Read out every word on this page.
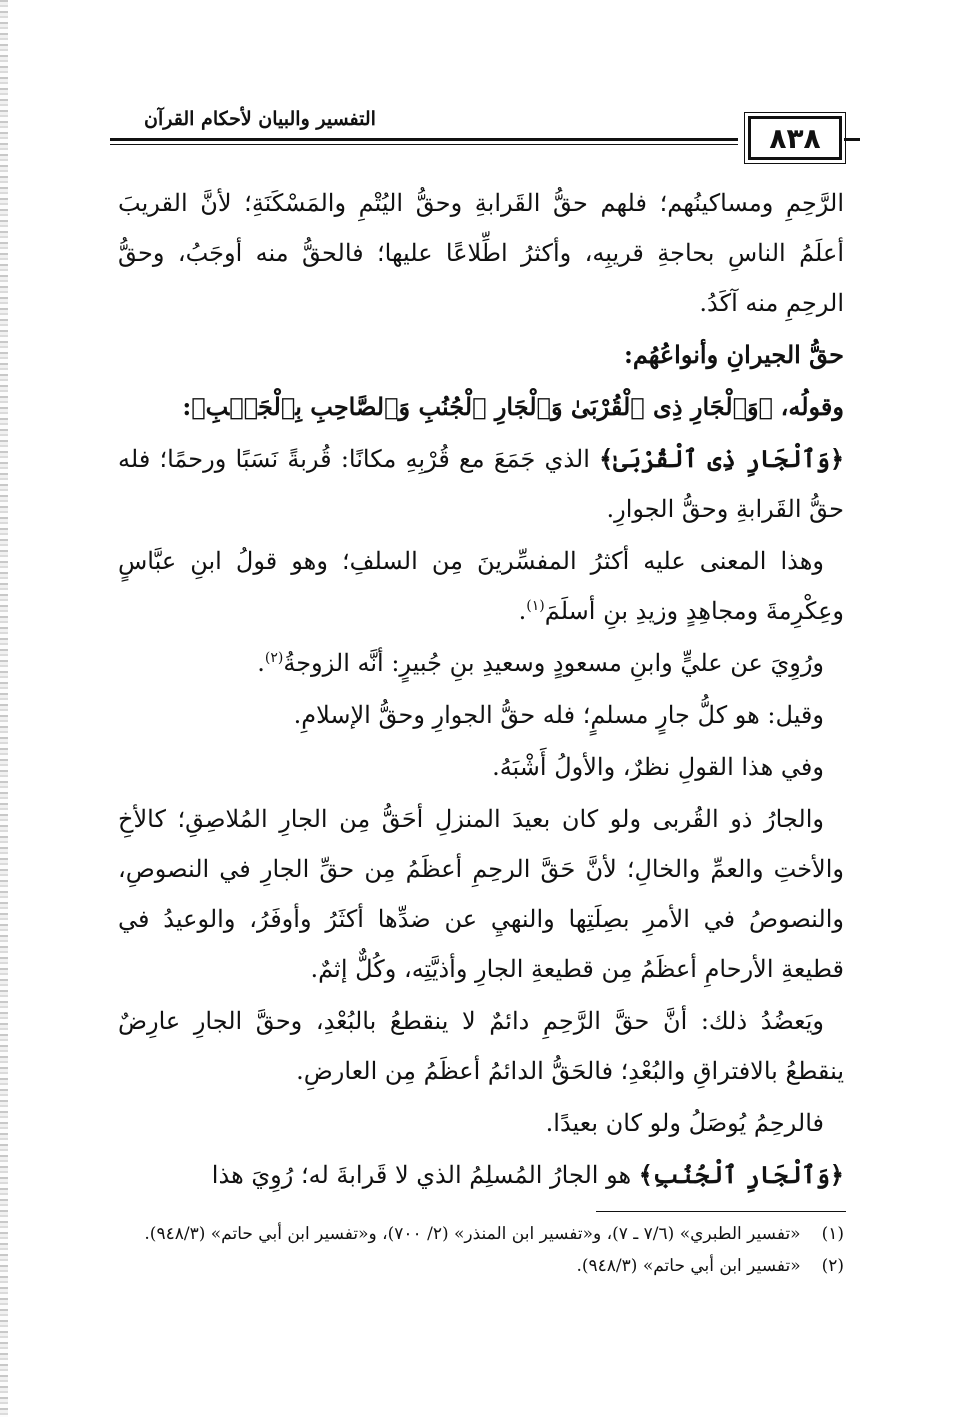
٨٣٨
التفسير والبيان لأحكام القرآن

الرَّحِمِ ومساكينُهم؛ فلهم حقُّ القَرابةِ وحقُّ اليُتْمِ والمَسْكَنَةِ؛ لأنَّ القريبَ أعلَمُ الناسِ بحاجةِ قريبِه، وأكثرُ اطِّلاعًا عليها؛ فالحقُّ منه أوجَبُ، وحقُّ الرحِمِ منه آكَدُ.

حقُّ الجيرانِ وأنواعُهُم:

وقولُه، ﴿وَٱلْجَارِ ذِى ٱلْقُرْبَىٰ وَٱلْجَارِ ٱلْجُنُبِ وَٱلصَّاحِبِ بِٱلْجَنۢبِ﴾:

﴿وَٱلْجَارِ ذِى ٱلْقُرْبَىٰ﴾ الذي جَمَعَ مع قُرْبِهِ مكانًا: قُربةً نَسَبًا ورحمًا؛ فله حقُّ القَرابةِ وحقُّ الجوارِ.

وهذا المعنى عليه أكثرُ المفسِّرينَ مِن السلفِ؛ وهو قولُ ابنِ عبَّاسٍ وعِكْرِمةَ ومجاهِدٍ وزيدِ بنِ أسلَمَ$^{(١)}$.

ورُوِيَ عن عليٍّ وابنِ مسعودٍ وسعيدِ بنِ جُبيرٍ: أنَّه الزوجةُ$^{(٢)}$.

وقيل: هو كلُّ جارٍ مسلمٍ؛ فله حقُّ الجوارِ وحقُّ الإسلامِ.

وفي هذا القولِ نظرٌ، والأولُ أَشْبَهُ.

والجارُ ذو القُربى ولو كان بعيدَ المنزلِ أحَقُّ مِن الجارِ المُلاصِقِ؛ كالأخِ والأختِ والعمِّ والخالِ؛ لأنَّ حَقَّ الرحِمِ أعظَمُ مِن حقِّ الجارِ في النصوصِ، والنصوصُ في الأمرِ بصِلَتِها والنهيِ عن ضدِّها أكثَرُ وأوفَرُ، والوعيدُ في قطيعةِ الأرحامِ أعظَمُ مِن قطيعةِ الجارِ وأذيَّتِه، وكُلٌّ إثمٌ.

ويَعضُدُ ذلك: أنَّ حقَّ الرَّحِمِ دائمٌ لا ينقطعُ بالبُعْدِ، وحقَّ الجارِ عارِضٌ ينقطعُ بالافتراقِ والبُعْدِ؛ فالحَقُّ الدائمُ أعظَمُ مِن العارضِ.

فالرحِمُ يُوصَلُ ولو كان بعيدًا.

﴿وَٱلْجَارِ ٱلْجُنُبِ﴾ هو الجارُ المُسلِمُ الذي لا قَرابةَ له؛ رُوِيَ هذا

(١) «تفسير الطبري» (٧/٦ ـ ٧)، و«تفسير ابن المنذر» (٢/ ٧٠٠)، و«تفسير ابن أبي حاتم» (٩٤٨/٣).

(٢) «تفسير ابن أبي حاتم» (٩٤٨/٣).
